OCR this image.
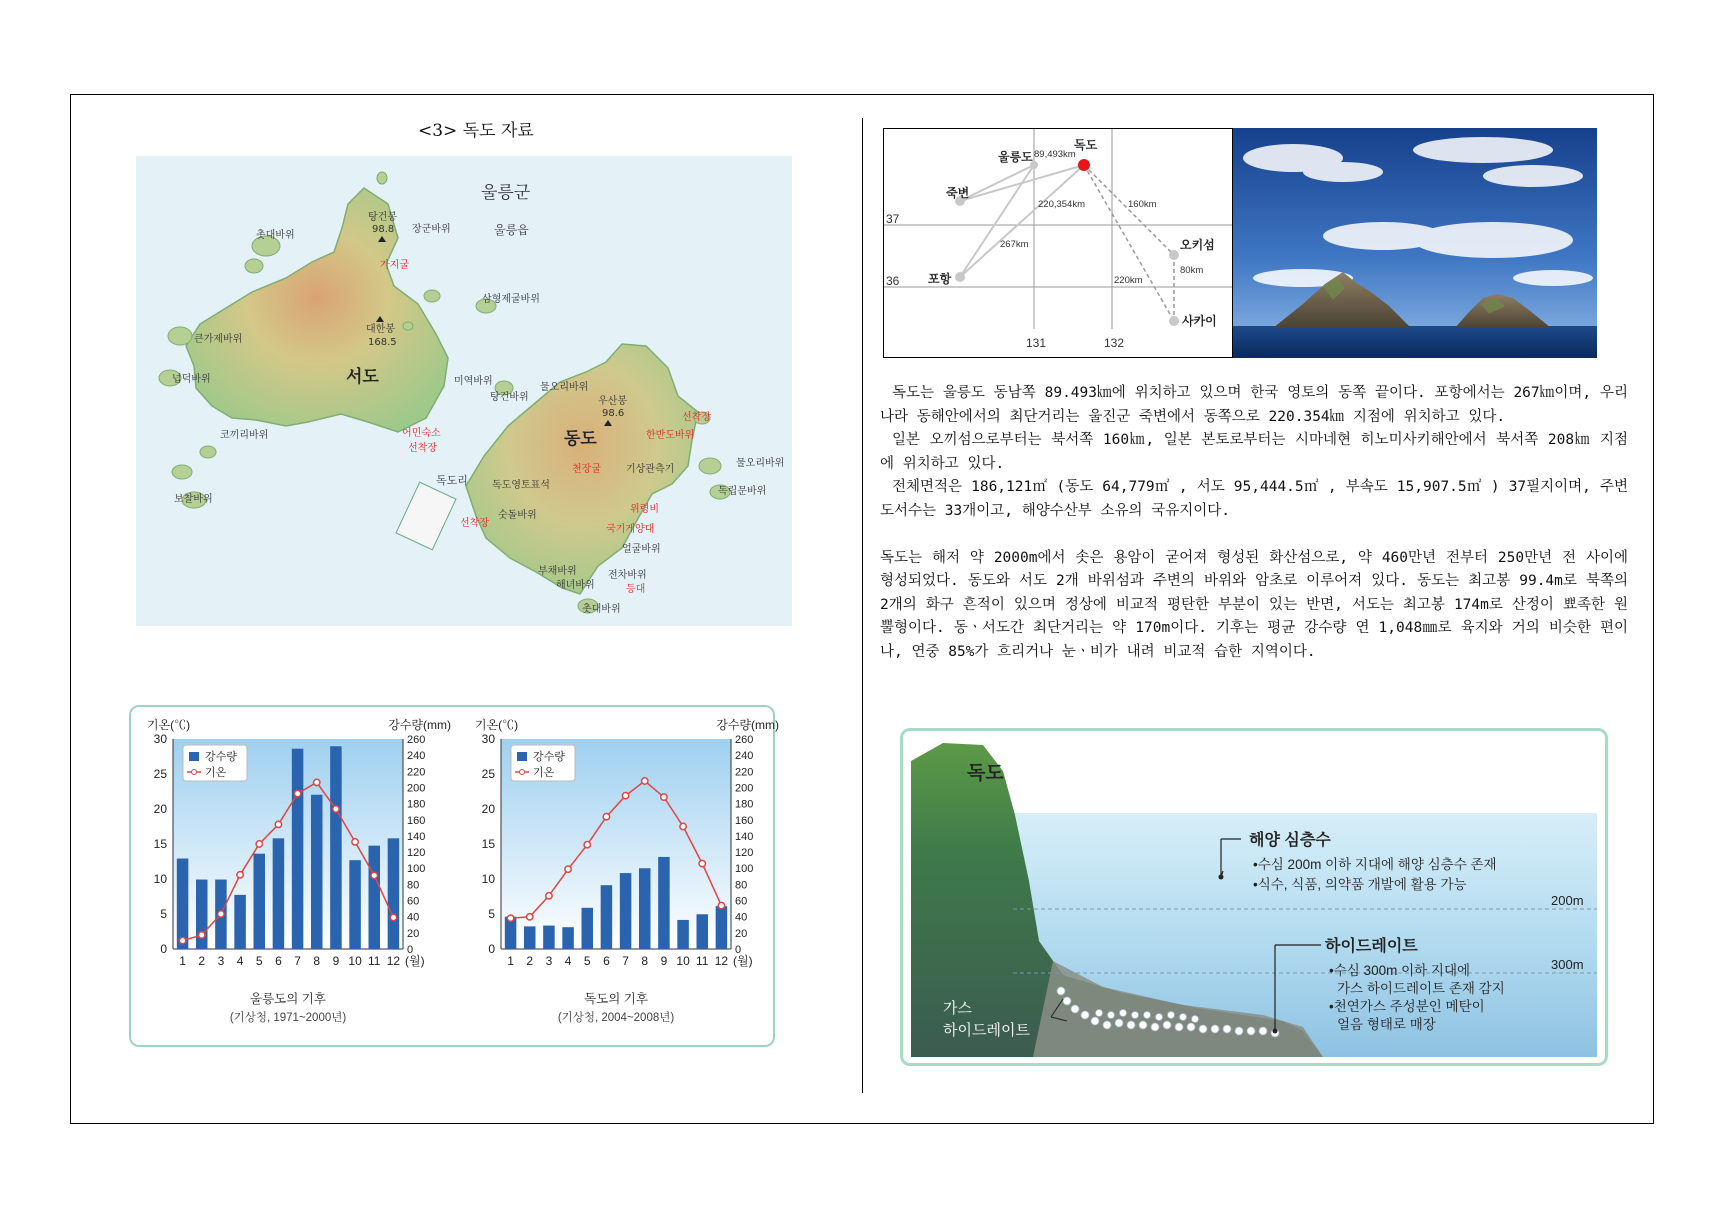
<3> 독도 자료
울릉군
울릉읍
서도
동도
독도리
대한봉
168.5
탕건봉
98.8
우산봉
98.6
가지굴
장군바위
촛대바위
큰가제바위
넙덕바위
코끼리바위	어민숙소
선착장
삼형제굴바위
미역바위
탕건바위
물오리바위
보찰바위
선착장
기상관측기
천장굴
한반도바위
위령비
국기게양대
얼굴바위
독도영토표석
숫돌바위
부채바위
해녀바위
전차바위
등대
촛대바위
선착장
물오리바위
독립문바위
기온(℃)	강수량(mm)
0
5
10
15
20
25
30
0
20
40
60
80
100
120
140
160
180
200
220
240
260
1 2 3 4 5 6 7 8 9 10 11 12 (월)
강수량
기온
울릉도의 기후
(기상청, 1971~2000년)
기온(℃)	강수량(mm)
0
5
10
15
20
25
30
0
20
40
60
80
100
120
140
160
180
200
220
240
260
1 2 3 4 5 6 7 8 9 10 11 12 (월)
강수량
기온
독도의 기후
(기상청, 2004~2008년)
37
36
131	132
울릉도
독도
죽변
포항
오키섬
사카이
89,493km
220,354km	160km
267km
220km
80km

독도는 울릉도 동남쪽 89.493㎞에 위치하고 있으며 한국 영토의 동쪽 끝이다. 포항에서는 267㎞이며, 우리나라 동해안에서의 최단거리는 울진군 죽변에서 동쪽으로 220.354㎞ 지점에 위치하고 있다.

일본 오끼섬으로부터는 북서쪽 160㎞, 일본 본토로부터는 시마네현 히노미사키해안에서 북서쪽 208㎞ 지점에 위치하고 있다.

전체면적은 186,121㎡ (동도 64,779㎡ , 서도 95,444.5㎡ , 부속도 15,907.5㎡ ) 37필지이며, 주변 도서수는 33개이고, 해양수산부 소유의 국유지이다.

독도는 해저 약 2000m에서 솟은 용암이 굳어져 형성된 화산섬으로, 약 460만년 전부터 250만년 전 사이에 형성되었다. 동도와 서도 2개 바위섬과 주변의 바위와 암초로 이루어져 있다. 동도는 최고봉 99.4m로 북쪽의 2개의 화구 흔적이 있으며 정상에 비교적 평탄한 부분이 있는 반면, 서도는 최고봉 174m로 산정이 뾰족한 원뿔형이다. 동ㆍ서도간 최단거리는 약 170m이다. 기후는 평균 강수량 연 1,048㎜로 육지와 거의 비슷한 편이나, 연중 85%가 흐리거나 눈ㆍ비가 내려 비교적 습한 지역이다.

독도
해양 심층수
•수심 200m 이하 지대에 해양 심층수 존재
•식수, 식품, 의약품 개발에 활용 가능
200m
300m
하이드레이트
•수심 300m 이하 지대에
가스 하이드레이트 존재 감지
•천연가스 주성분인 메탄이
얼음 형태로 매장
가스
하이드레이트
